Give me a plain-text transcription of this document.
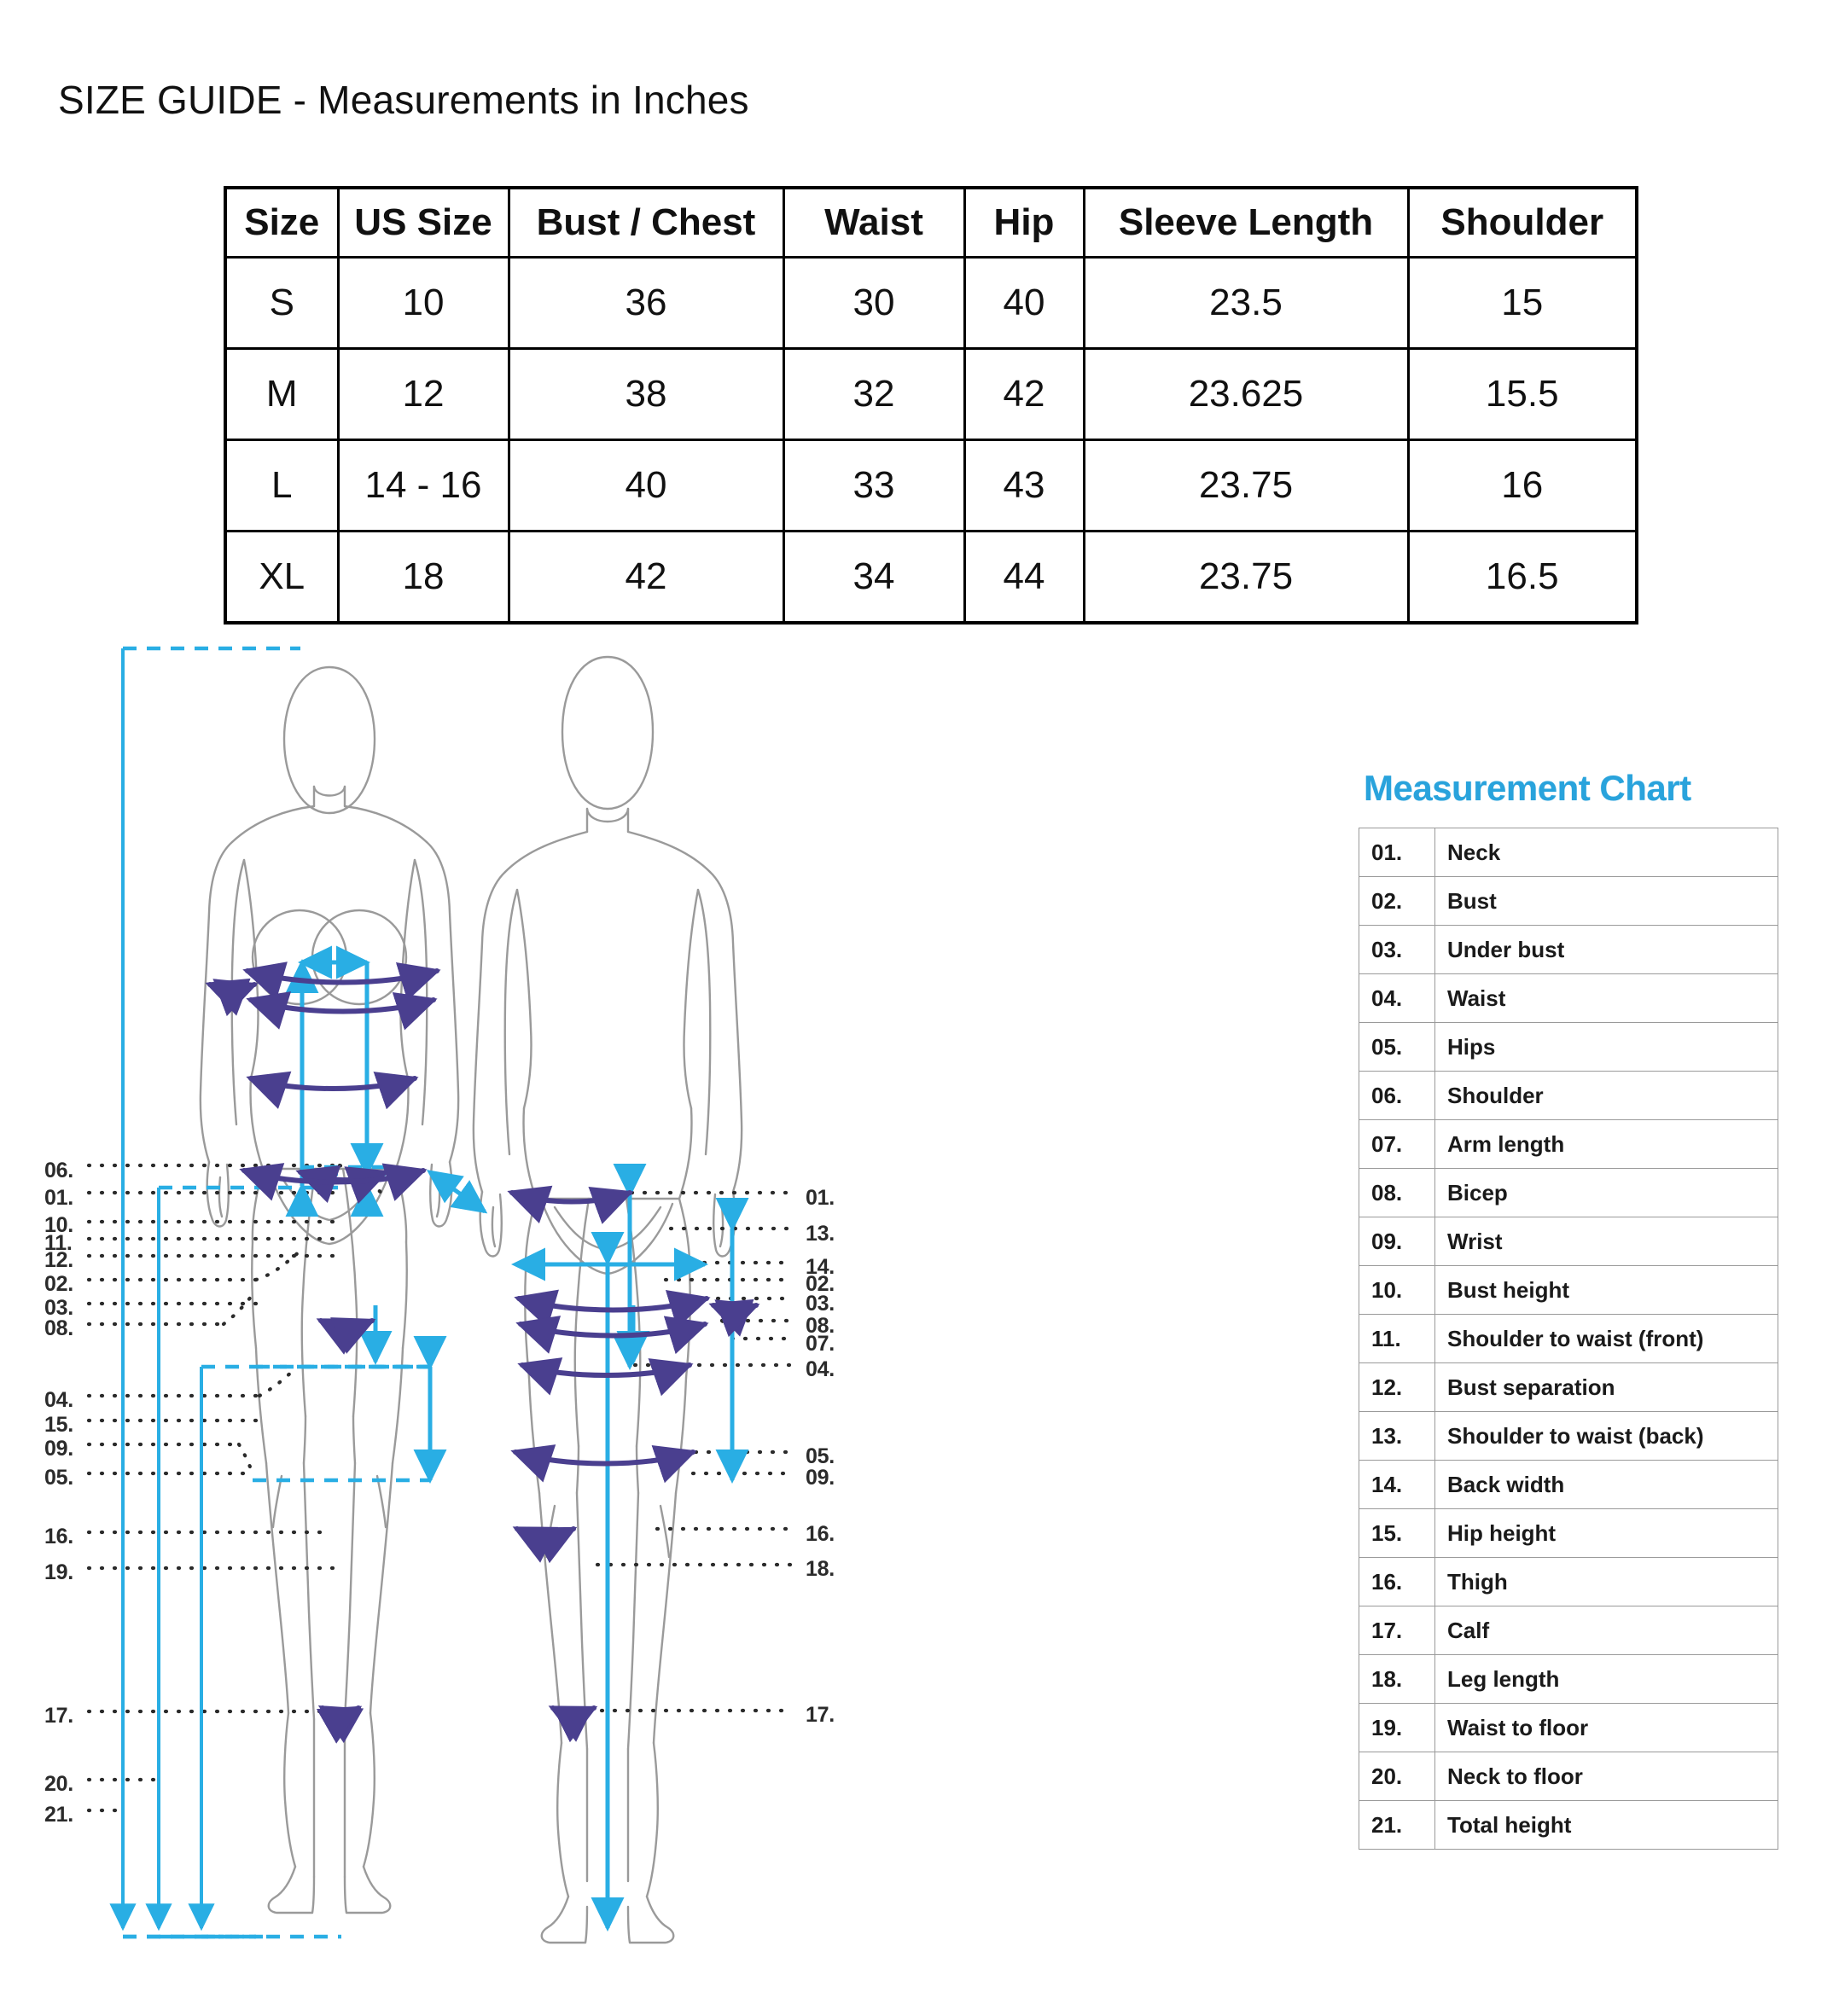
SIZE GUIDE - Measurements in Inches
Size	US Size	Bust / Chest	Waist	Hip	Sleeve Length	Shoulder
S	10	36	30	40	23.5	15
M	12	38	32	42	23.625	15.5
L	14 - 16	40	33	43	23.75	16
XL	18	42	34	44	23.75	16.5
06.
01.
10.
11.
12.
02.
03.
08.
04.
15.
09.
05.
16.
19.
17.
20.
21.
01.
13.
14.
02.
03.
08.
07.
04.
05.
09.
16.
18.
17.
Measurement Chart
01.	Neck
02.	Bust
03.	Under bust
04.	Waist
05.	Hips
06.	Shoulder
07.	Arm length
08.	Bicep
09.	Wrist
10.	Bust height
11.	Shoulder to waist (front)
12.	Bust separation
13.	Shoulder to waist (back)
14.	Back width
15.	Hip height
16.	Thigh
17.	Calf
18.	Leg length
19.	Waist to floor
20.	Neck to floor
21.	Total height
